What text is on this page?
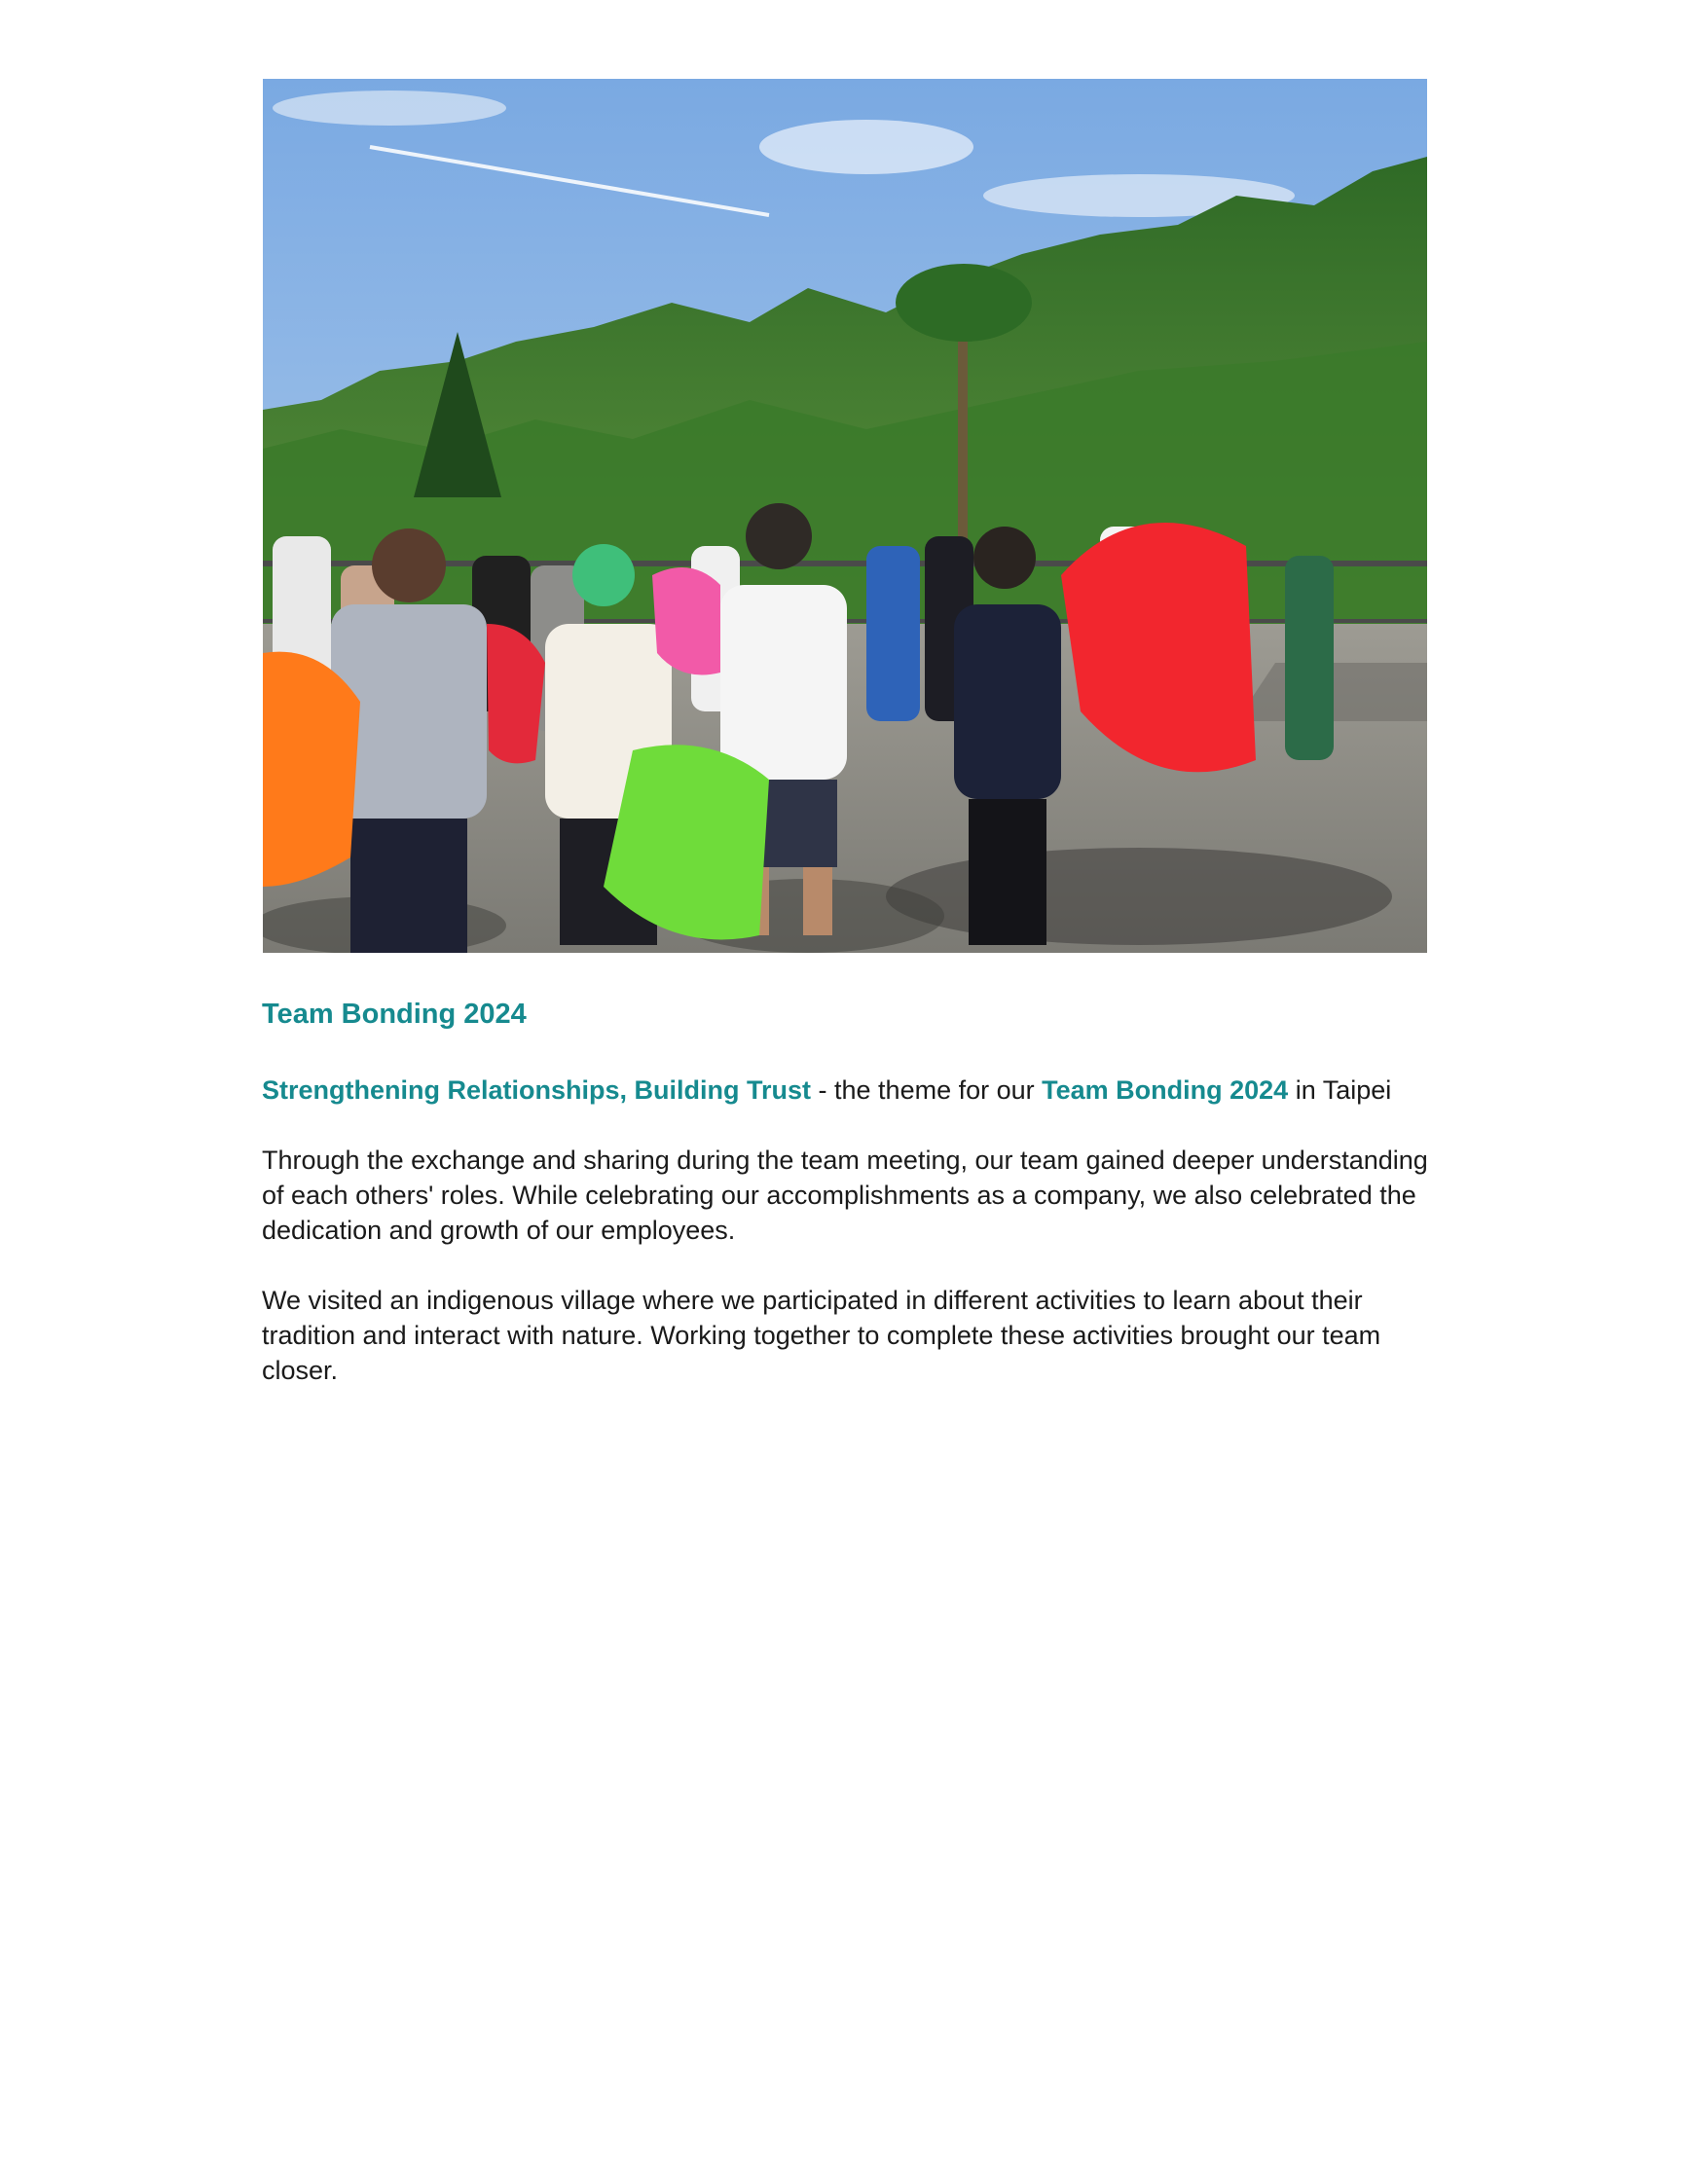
Team Bonding 2024

Strengthening Relationships, Building Trust - the theme for our Team Bonding 2024 in Taipei

Through the exchange and sharing during the team meeting, our team gained deeper understanding of each others' roles. While celebrating our accomplishments as a company, we also celebrated the dedication and growth of our employees.

We visited an indigenous village where we participated in different activities to learn about their tradition and interact with nature. Working together to complete these activities brought our team closer.
